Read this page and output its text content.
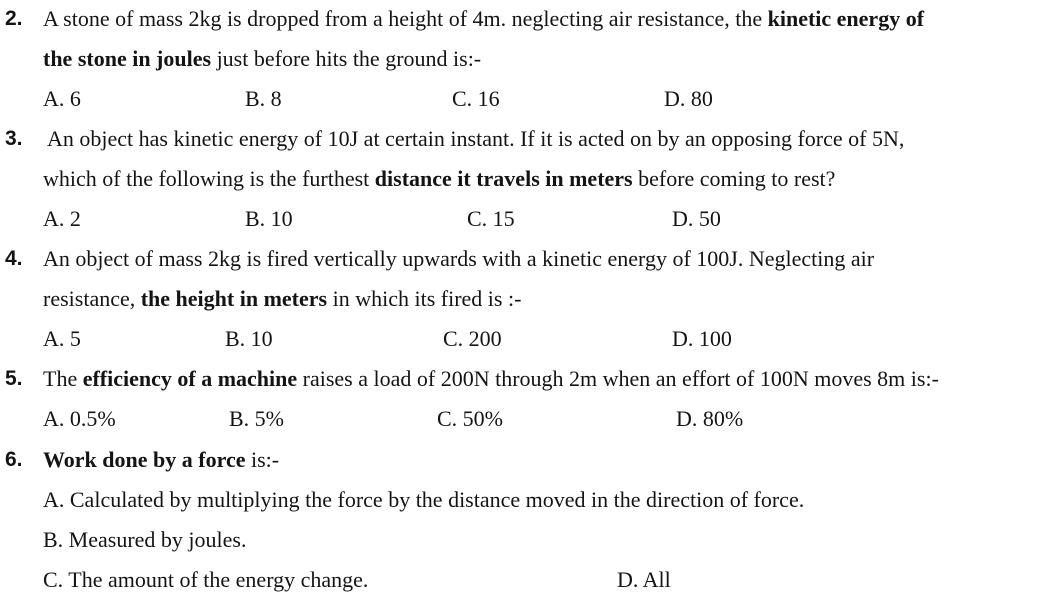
2. A stone of mass 2kg is dropped from a height of 4m. neglecting air resistance, the kinetic energy of
the stone in joules just before hits the ground is:-
A. 6	B. 8	C. 16	D. 80
3. An object has kinetic energy of 10J at certain instant. If it is acted on by an opposing force of 5N,
which of the following is the furthest distance it travels in meters before coming to rest?
A. 2	B. 10	C. 15	D. 50
4. An object of mass 2kg is fired vertically upwards with a kinetic energy of 100J. Neglecting air
resistance, the height in meters in which its fired is :-
A. 5	B. 10	C. 200	D. 100
5. The efficiency of a machine raises a load of 200N through 2m when an effort of 100N moves 8m is:-
A. 0.5%	B. 5%	C. 50%	D. 80%
6. Work done by a force is:-
A. Calculated by multiplying the force by the distance moved in the direction of force.
B. Measured by joules.
C. The amount of the energy change.	D. All
